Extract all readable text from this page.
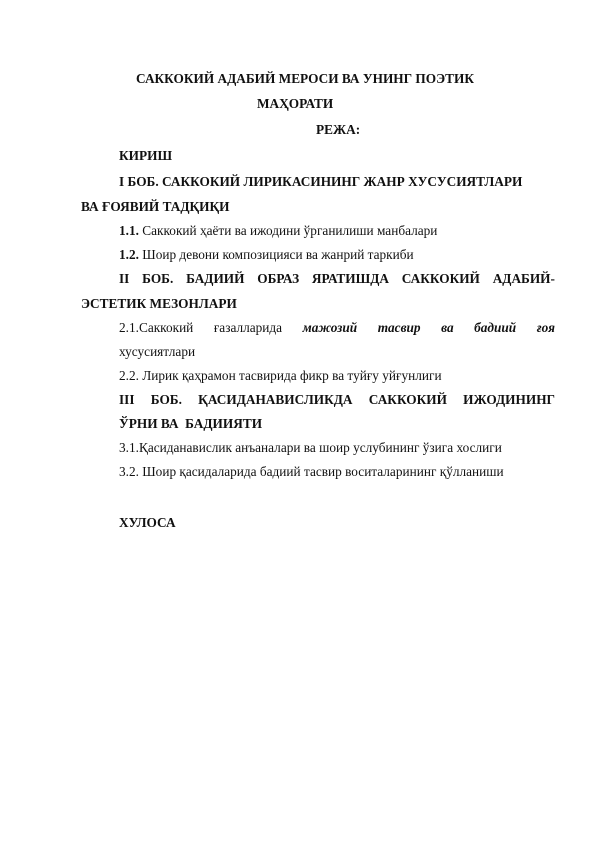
САККОКИЙ АДАБИЙ МЕРОСИ ВА УНИНГ ПОЭТИК
МАҲОРАТИ
РЕЖА:
КИРИШ
I БОБ. САККОКИЙ ЛИРИКАСИНИНГ ЖАНР ХУСУСИЯТЛАРИ
ВА ҒОЯВИЙ ТАДҚИҚИ
1.1. Саккокий ҳаёти ва ижодини ўрганилиши манбалари
1.2. Шоир девони композицияси ва жанрий таркиби
II БОБ. БАДИИЙ ОБРАЗ ЯРАТИШДА САККОКИЙ АДАБИЙ-
ЭСТЕТИК МЕЗОНЛАРИ
2.1.Саккокий ғазалларида мажозий тасвир ва бадиий ғоя
хусусиятлари
2.2. Лирик қаҳрамон тасвирида фикр ва туйғу уйғунлиги
III БОБ. ҚАСИДАНАВИСЛИКДА САККОКИЙ ИЖОДИНИНГ
ЎРНИ ВА  БАДИИЯТИ
3.1.Қасиданавислик анъаналари ва шоир услубининг ўзига хослиги
3.2. Шоир қасидаларида бадиий тасвир воситаларининг қўлланиши
ХУЛОСА
